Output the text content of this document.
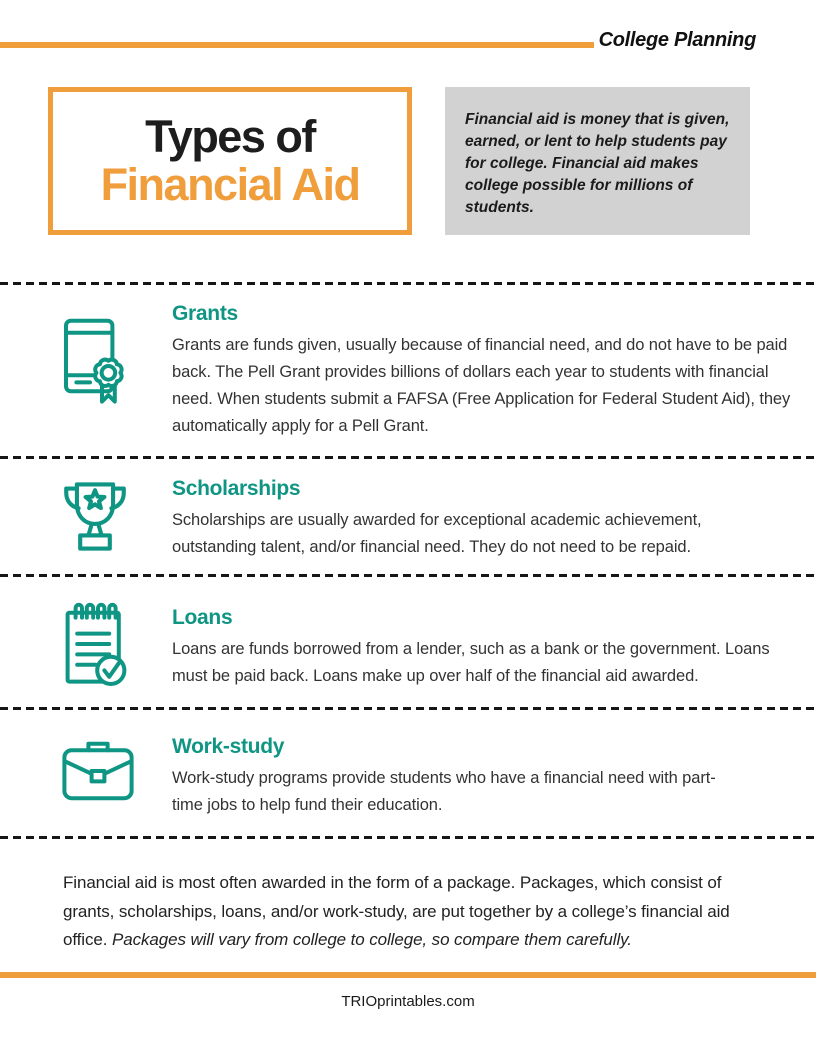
College Planning
Types of
Financial Aid
Financial aid is money that is given, earned, or lent to help students pay for college. Financial aid makes college possible for millions of students.
Grants

Grants are funds given, usually because of financial need, and do not have to be paid back. The Pell Grant provides billions of dollars each year to students with financial need. When students submit a FAFSA (Free Application for Federal Student Aid), they automatically apply for a Pell Grant.

Scholarships

Scholarships are usually awarded for exceptional academic achievement, outstanding talent, and/or financial need. They do not need to be repaid.

Loans

Loans are funds borrowed from a lender, such as a bank or the government. Loans must be paid back. Loans make up over half of the financial aid awarded.

Work-study

Work-study programs provide students who have a financial need with part-time jobs to help fund their education.

Financial aid is most often awarded in the form of a package. Packages, which consist of grants, scholarships, loans, and/or work-study, are put together by a college’s financial aid office. Packages will vary from college to college, so compare them carefully.
TRIOprintables.com
